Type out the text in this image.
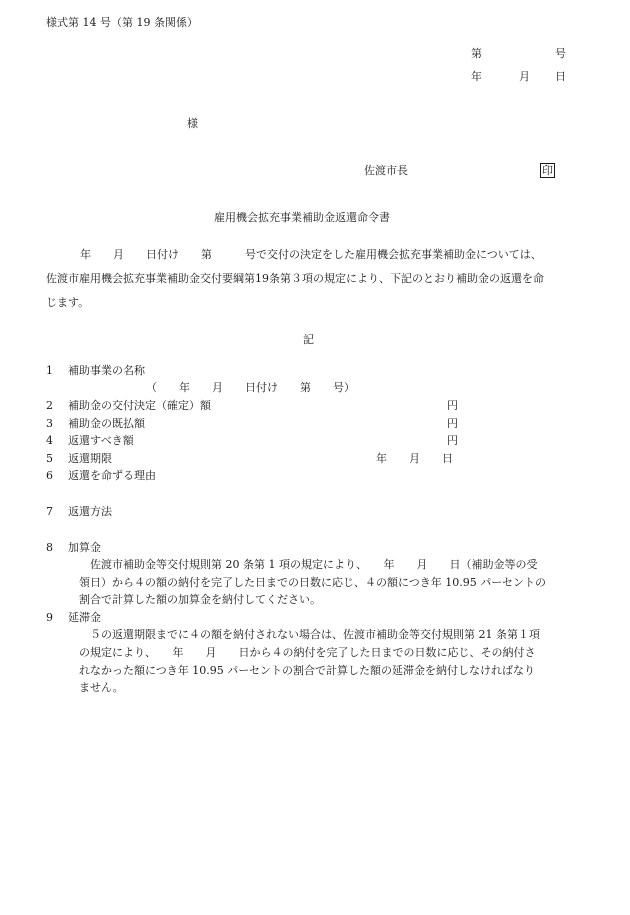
様式第 14 号（第 19 条関係）
第	号
年	月 日
様
佐渡市長	印
雇用機会拡充事業補助金返還命令書
年　　月　　日付け　　第　　　号で交付の決定をした雇用機会拡充事業補助金については、
佐渡市雇用機会拡充事業補助金交付要綱第19条第３項の規定により、下記のとおり補助金の返還を命
じます。
記
1 補助事業の名称
（　　年　　月　　日付け　　第　　号）
2 補助金の交付決定（確定）額	円
3 補助金の既払額	円
4 返還すべき額	円
5 返還期限	年　　月　　日
6 返還を命ずる理由
7 返還方法
8 加算金
佐渡市補助金等交付規則第 20 条第 1 項の規定により、　　年　　月　　日（補助金等の受
領日）から４の額の納付を完了した日までの日数に応じ、４の額につき年 10.95 パーセントの
割合で計算した額の加算金を納付してください。
9 延滞金
５の返還期限までに４の額を納付されない場合は、佐渡市補助金等交付規則第 21 条第１項
の規定により、　　年　　月　　日から４の納付を完了した日までの日数に応じ、その納付さ
れなかった額につき年 10.95 パーセントの割合で計算した額の延滞金を納付しなければなり
ません。
